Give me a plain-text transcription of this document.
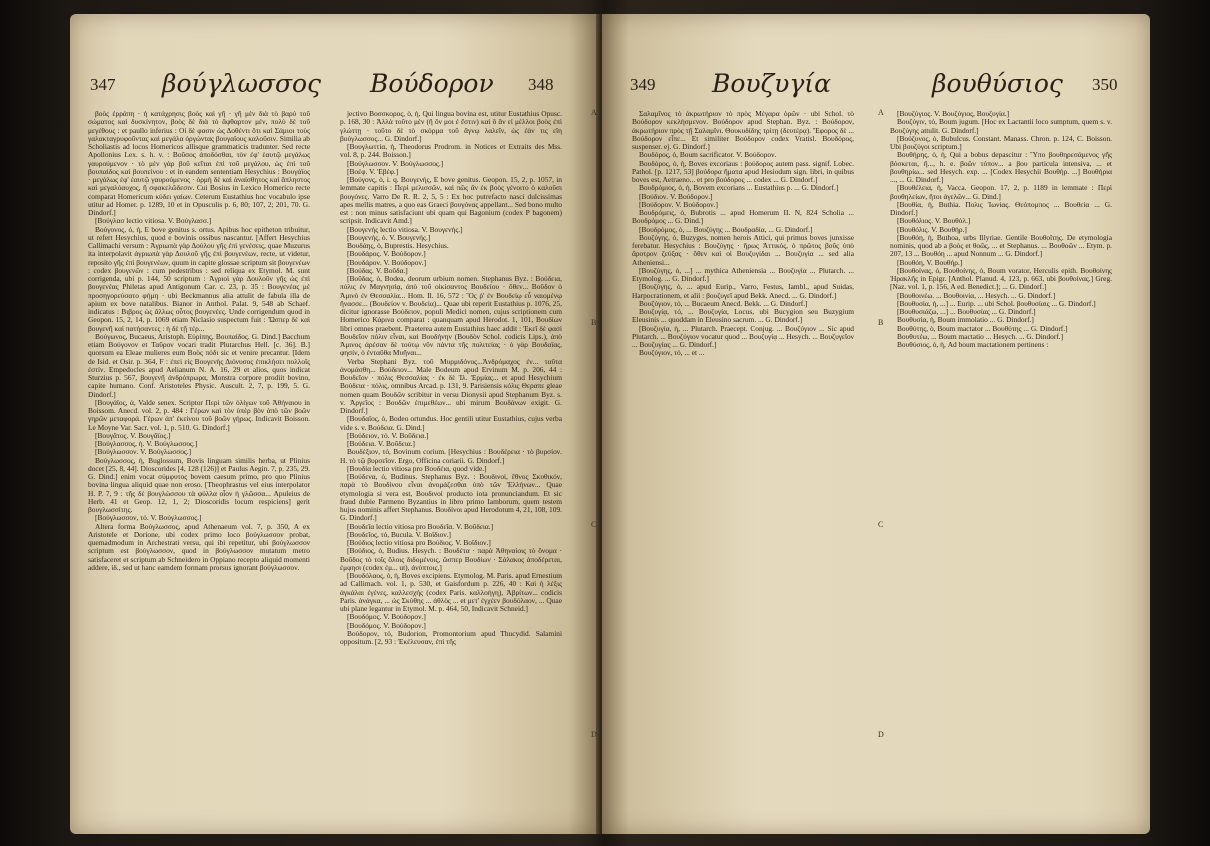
347 βούγλωσσος Βούδορον 348

βοὸς ἐρράπη · ἡ κατάχρησις βοὸς καὶ γῆ · γῆ μὲν διὰ τὸ βαρύ τοῦ σώματος καὶ δυσκίνητον, βοὸς δὲ διὰ τὸ ἄφθαρτον μέν, πολὺ δὲ τοῦ μεγέθους : et paullo inferius : Οἱ δὲ φασιν ὡς Δοθέντι ὅτι καὶ Σάμιοι τοὺς γαλακταγρυφοῦντας καὶ μεγάλα ὀργώντας βουγαΐους καλοῦσιν. Similia ab Scholiastis ad locos Homericos allisque grammaticis tradunter. Sed recte Apollonius Lex. s. h. v. : Βοῦσος ἀποδόσθαι, τὸν ἐφ' ἑαυτῷ μεγάλως γαυρούμενον · τὸ μὲν γὰρ βοῦ κεῖται ἐπὶ τοῦ μεγάλου, ὡς ἐπὶ τοῦ βουπαίδος καὶ βουπείνου : et in eandem sententiam Hesychius : Βουγάϊος · μεγάλως ἐφ' ἑαυτῷ γαυρούμενος · ὁρμὴ δὲ καὶ ἀναίσθητος καὶ ἄπληστος καὶ μεγαλόαυχος, ἢ σφακελῶδεσιν. Cui Bosius in Lexico Homerico recte comparat Homericum κύδει γαίων. Ceterum Eustathius hoc vocabulo ipse utitur ad Homer. p. 1289, 10 et in Opusculis p. 6, 80; 107, 2; 201, 70. G. Dindorf.]

[Βούγλασ lectio vitiosa. V. Βούγλασσ.]

Βούγονος, ὁ, ἡ, E bove genitus s. ortus. Apibus hoc epitheton tribuitur, ut refert Hesychius, quod e bovinis ossibus nascantur. [Affert Hesychius Callimachi versum : Ἀγριωπὰ γὰρ Δούλου γῆς ἐπὶ γενέσεις, quae Muzurus ita interpolavit ἀγριωπὰ γὰρ Δουλοῦ γῆς ἐπὶ βουγενέων, recte, ut videtur, reposito γῆς ἐπὶ βουγενέων, quum in capite glossae scriptum sit βουγενέων : codex βουγενῶν : cum pedestribus : sed reliqua ex Etymol. M. sunt corrigenda, ubi p. 144, 50 scriptum : Ἀγριοὶ γὰρ Δουλοῦν γῆς ὡς ἐπὶ βουγενέας Philetas apud Antigonum Car. c. 23, p. 35 : Βουγενέας μὲ προσηγορεύσατο φήμη · ubi Beckmannus alia attulit de fabula illa de apium ex bove natalibus. Bianor in Anthol. Palat. 9, 548 ab Schaef. indicatus : Βιβρος ὡς ἄλλως οὗτος βουγενέες. Unde corrigendum quod in Geopon. 15, 2, 14, p. 1069 etiam Niclasio suspectum fuit : Ὥσπερ δὲ καὶ βουγενῆ καὶ πατήσαντες : ἡ δὲ τῇ τέρ...

Βούγωνος, Bucaeus, Aristoph. Εὐρίπης, Βουπαίδος. G. Dind.] Bacchum etiam Βούγονον et Ταῦρον vocari tradit Plutarchus Hell. [c. 36]. B.] quorsum ea Eleae mulieres eum Βοὸς πόδι sic et venire precantur. [Idem de Isid. et Osir. p. 364, F : ἐπεὶ εἰς Βουγενὴς Διόνυσος ἐπικλήσει πολλοῖς ἐστίν. Empedocles apud Aelianum N. A. 16, 29 et alios, quos indicat Sturzius p. 567, βουγενῆ ἀνδρόπρωρα, Monstra corpore prodiit bovino, capite humano. Conf. Aristoteles Physic. Auscult. 2, 7, p. 199, 5. G. Dindorf.]

[Βουγάϊος, ἁ, Valde senex. Scriptor Περὶ τῶν ὀλίγων τοῦ Ἀθήναιου in Boissom. Anecd. vol. 2, p. 484 : Γέρων καὶ τὸν ὑπὲρ βὸν ἀπὸ τῶν βοῶν γηρῶν μεταφορά. Γέρων ἀπ' ἐκείνου τοῦ βοῶν γήρως. Indicavit Boisson. Le Moyne Var. Sacr. vol. 1, p. 510. G. Dindorf.]

[Βουγᾶτος. V. Βουγᾶϊος.]

[Βούγλασσος, ἡ. V. Βούγλωσσος.]

[Βούγλωσσον. V. Βούγλωσσος.]

Βούγλωσσος, ἡ, Buglossum, Bovis linguam similis herba, ut Plinius docet [25, 8, 44]. Dioscorides [4, 128 (126)] et Paulus Aegin. 7, p. 235, 29. G. Dind.] enim vocat σύμφυτος bovem caesum primo, pro quo Plinius bovina lingua aliquid quae non eroso. [Theophrastus vel eius interpolator H. P. 7, 9 : τῆς δὲ βουγλώσσου τὰ φύλλα οἷον ἡ γλῶσσα... Apuleius de Herb. 41 et Geop. 12, 1, 2; Dioscoridis locum respiciens] gerit βουγλωσσίτης.

[Βούγλωσσον, τό. V. Βούγλωσσος.]

Altera forma Βούγλωσσος, apud Athenaeum vol. 7, p. 350, A ex Aristotele et Dorione, ubi codex primo loco βούγλωσσον probat, quemadmodum in Archestrati versu, qui ibi repetitur, ubi βούγλωσσον scriptum est βούγλωσσον, quod in βούγλωσσον mutatum metro satisfaceret et scriptum ab Schneidero in Oppiano recepto aliquid momenti addere, ἰδ., sed ut hanc eamdem formam prorsus ignorant βούγλωσσον.

jectivo Βοσσκορος, ὁ, ἡ, Qui lingua bovina est, utitur Eustathius Opusc. p. 168, 30 : Ἀλλὰ τοῦτο μὲν (ἢ ὅν μοι ἐ ἔστιν) καὶ ὅ ἄν εἰ μέλλοι βοὸς ἐπὶ γλώττῃ · τοῦτο δὲ τὸ σκόρμα τοῦ ἄγνῳ λαλεῖν, ὡς ἐὰν τις εἴη βούγλωσσος... G. Dindorf.]

[Βουγλωττία, ἡ, Theodorus Prodrom. in Notices et Extraits des Mss. vol. 8, p. 244. Boisson.]

[Βούγλωσσον. V. Βούγλωσσος.]

[Βοέφ. V. Ἐβέφ.]

[Βούγονς, ὁ, i. q. Βουγενής, E bove genitus. Geopon. 15, 2, p. 1057, in lemmate capitis : Περὶ μελισσῶν, καὶ πῶς ἂν ἐκ βοὸς γένοιτο ὁ καλοῦσι βουγόνες. Varro De R. R. 2, 5, 5 : Ex hoc putrefacto nasci dulcissimas apes mellis matres, a quo eas Graeci βουγόνας appellant... Sed bono multo est : non minus satisfaciunt ubi quam qui Bagonium (codex Ρ bagonem) scripsit. Indicavit Amd.]

[Βουγενής lectio vitiosa. V. Βουγενής.]

[Βουγενής, ὁ. V. Βουγενής.]

Βουδάης, ὁ, Buprestis. Hesychius.

[Βουδάρος. V. Βούδορον.]

[Βουδάρον. V. Βούδορον.]

[Βούδας. V. Βοῦδα.]

[Βοῦδας, ὁ, Bodea, deorum urbium nomen. Stephanus Byz. : Βούδεια, πόλις ἐν Μαγνησίᾳ, ἀπὸ τοῦ οἰκίσαντος Βουδείου · ὅθεν... Βοῦδον ὁ Ἀμινὸ ἐν Θεσσαλία... Hom. Il. 16, 572 : Ὃς ῥ' ἐν Βουδείῳ εὖ ναιομένῳ ἤνασσε... (Βουδείον v. Βουδεία)... Quae ubi reperit Eustathius p. 1076, 25, dicitur ignorasse Βούδειον, populi Medici nomen, cujus scriptionem cum Homerico Κάρινα comparat : quanquam apud Herodot. 1, 101, Βουδίων libri omnes praebent. Praeterea autem Eustathius haec addit : Ἐκεῖ δὲ φασὶ Βουδεῖον πόλιν εἶναι, καὶ Βουδήνην (Βουδὸν Schol. codicis Lips.), ἀπὸ Ἀμινος ἀρέσαν δὲ τούτῳ νῦν πάντα τῆς πολιτείας · ὁ γὰρ Βουδαΐας, φησίν, ὁ ἐνταῦθα Μυῆναι...

Verba Stephani Byz. τοῦ Μυρμιδόνος...Ἀνδρόμαχος ἐν... ταῦτα ἀνομάσθη... Βούδειον... Male Bodeum apud Ervinum M. p. 206, 44 : Βουδεῖον · πόλις Θεσσαλίας · ἐκ δὲ Ἰλ. Ἐρμίας... et apud Hesychium Βούδεια · πόλις, omnibus Arcad. p. 131, 9. Parisiensis κόλις Θεραπε gleae nomen quam Βουδῶν scribitur in versu Dionysii apud Stephanum Byz. s. v. Ἀργεῖος : Βουδῶν ἐπιμεθέων... ubi mirum Βουδάνων exigit. G. Dindorf.]

[Βουδαΐος, ὁ, Bodeo ortundus. Hoc gentili utitur Eustathius, cujus verba vide s. v. Βούδεια. G. Dind.]

[Βούδειον, τό. V. Βοῦδεια.]

[Βούδεια. V. Βοῦδεια.]

Βουδέξιον, τό, Bovinum corium. [Hesychius : Βουδέρεια · τὸ βυρσίον. H. τὸ τῷ βυρσεῖον. Ergo, Officina coriarii. G. Dindorf.]

[Βουδία lectio vitiosa pro Βουδέια, quod vide.]

[Βούδενα, ὁ, Budinus. Stephanus Byz. : Βουδινοί, ἔθνος Σκυθικόν, παρὰ τὸ Βουδίνου εἶναι ἀνομάζεσθαι ὑπὸ τῶν Ἑλλήνων... Quae etymologia si vera est, Βουδινοί producto iota pronunciandum. Et sic fraud dubie Parmeno Byzantius in libro primo Iamborum, quem testem hujus nominis affert Stephanus. Βουδίνοι apud Herodotum 4, 21, 108, 109. G. Dindorf.]

[Βουδεῖα lectio vitiosa pro Βουδεῖα. V. Βοῦδεια.]

[Βουδεῖος, τό, Bucula. V. Βοΐδιον.]

[Βούδιος lectio vitiosa pro Βούδιος. V. Βοΐδιον.]

[Βούδιος, ὁ, Budius. Hesych. : Βουδέτα · παρὰ Ἀθηναίοις τὸ ὄνομα · Βοῦδος τὸ τοῖς ὄλοις διδομένοις, ὥσπερ Βουδίων · Σάλακος ἀποδέρεται, ἐμφησι (codex ἐμ... ut), ἀνύπτοις.]

[Βουδόλαος, ὁ, ἡ, Boves excipiens. Etymolog. M. Paris. apud Ernestium ad Callimach. vol. 1, p. 530, et Gaisfordum p. 226, 40 : Καὶ ἡ λέξις ἀγκάλαι ἐγένες, καλλεσχής (codex Paris. καλλοήγη), Ἀβρίτων... codicis Paris. ἀνάγκα, ... ὡς Σκύθης ... ἀθλὸς ... et μετ' ἐγχέεν βουδόλαον, ... Quae ubi plane legantur in Etymol. M. p. 464, 50, Indicavit Schneid.]

[Βουδόμος. V. Βούδορον.]

[Βουδόμος. V. Βούδορον.]

Βούδορον, τό, Budorion, Promontorium apud Thucydid. Salamini oppositum. [2, 93 : Ἐκέλευσαν, ἐπὶ τῆς

349 Βουζυγία	βουθύσιος 350

Σαλαμῖνος τὸ ἀκρωτήριον τὸ πρὸς Μέγαρα ὁρῶν · ubi Schol. τὸ Βούδορον κεκλήσμενον. Βούδορον apud Stephan. Byz. : Βούδορον, ἀκρωτήριον πρὸς τῇ Σαλαμῖνι. Θουκυδίδης τρίτῃ (δευτέρᾳ). Ἔφορος δὲ ... Βούδορον εἶπε... Et similiter Βούδορον codex Vratisl. Βουδόρος, suspenser. ej. G. Dindorf.]

Βουδόρος, ὁ, Boum sacrificator. V. Βούδορον.

Βουδόρος, ὁ, ἡ, Boves excoriaus : βούδορος autem pass. signif. Lobec. Pathol. [p. 1217, 53] βούδορα ἤματα apud Hesiodum sign. libri, in quibus boves est, Aetraeno... et pro βούδορος ... codex ... G. Dindorf.]

Βουδρόμιος, ὁ, ἡ, Bovem excorians ... Eustathius p. ... G. Dindorf.]

[Βούδιον. V. Βούδορον.]

[Βούδορον. V. Βούδορον.]

Βουδρόμεις, ὁ, Bubrotis ... apud Homerum II. N, 824 Scholia ... Βουδρόμος ... G. Dind.]

[Βουδρόμος, ὁ, ... Βουζύγης ... Βουδραδία, ... G. Dindorf.]

Βουζύγης, ὁ, Buzyges, nomen herois Attici, qui primus boves junxisse ferebatur. Hesychius : Βουζύγης · ἥρως Ἀττικός, ὁ πρῶτος βοῦς ὑπὸ ἄροτρον ζεύξας · ὅθεν καὶ οἱ Βουζυγίδαι ... Βουζυγία ... sed alia Atheniensi...

[Βουζύγης, ὁ, ...] ... mythica Atheniensia ... Βουζυγία ... Plutarch. ... Etymolog. ... G. Dindorf.]

[Βουζύγης, ὁ, ... apud Eurip., Varro, Festus, Iambl., apud Suidas, Harpocrationem, et alii : βουζυγεῖ apud Bekk. Anecd. ... G. Dindorf.]

Βουζύγιον, τό, ... Bucaeum Anecd. Bekk. ... G. Dindorf.]

Βουζυγίᾳ, τό, ... Βουζυγία, Locus, ubi Bucygion seu Buzygium Eleusinis ... quoddam in Eleusino sacrum. ... G. Dindorf.]

[Βουζυγία, ἡ, ... Plutarch. Praecept. Conjug. ... Βουζύγιον ... Sic apud Plutarch. ... Βουζύγιον vocatur quod ... Βουζυγίᾳ ... Hesych. ... Βουζυγεῖον ... Βουζυγίας ... G. Dindorf.]

Βουζύγιον, τό, ... et ...

[Βουζύγιος. V. Βουζύγιος, Βουζυγία.]

Βουζύγιν, τό, Boum jugum. [Hoc ex Lactantii loco sumptum, quem s. v. Βουζύγης attulit. G. Dindorf.]

[Βούζυνος, ὁ, Bubulcus. Constant. Manass. Chron. p. 124, C. Boisson. Ubi βουζύγοι scriptum.]

Βουθήρης, ὁ, ἡ, Qui a bobus depascitur : Ὕπο βουθηρεσάμενος γῆς βόσκεται, ἢ..., h. e. βοῶν τόπον... a βου particula intensiva, ... et βουθηρίω... sed Hesych. exp. ... [Codex Hesychii Βουθήρ. ...] Βουθήρια ..., ... G. Dindorf.]

[Βουθέλεια, ἡ, Vacca. Geopon. 17, 2, p. 1189 in lemmate : Περὶ βουθηλείων, ἤτοι ἀγελῶν... G. Dind.]

[Βουθία, ἡ, Buthia. Πολις Ἰωνίας. Θεόπομπος ... Βουθεία ... G. Dindorf.]

[Βουθόλιος. V. Βουθόλ.]

[Βουθόλις. V. Βουθήρ.]

[Βουθόη, ἡ, Buthoa, urbs Illyriae. Gentile Βουθοΐτης. De etymologia nominis, quod ab a βοὸς et θοῶς, ... et Stephanus. ... Βουθοῶν ... Etym. p. 207, 13 ... Βουθόη ... apud Nonnum ... G. Dindorf.]

[Βουθόη, V. Βουθήρ.]

[Βουθοίνας, ὁ, Βουθοίνης, ὁ, Boum vorator, Herculis epith. Βουθοίνης Ἡρακλῆς in Epigr. [Anthol. Planud. 4, 123, p. 663, ubi βουθοίνας.] Greg. [Naz. vol. 1, p. 156, A ed. Benedict.]; ... G. Dindorf.]

[Βουθοινέω. ... Βουθοινία, ... Hesych. ... G. Dindorf.]

[Βουθυσία, ἡ, ...] ... Eurip. ... ubi Schol. βουθυσίαις ... G. Dindorf.]

[Βουθυσιάζω, ...] ... Βουθυσίας ... G. Dindorf.]

Βουθυσία, ἡ, Boum immolatio ... G. Dindorf.]

Βουθύτης, ὁ, Boum mactator ... Βουθύτης ... G. Dindorf.]

Βουθυτέω, ... Boum mactatio ... Hesych. ... G. Dindorf.]

Βουθύσιος, ὁ, ἡ, Ad boum mactationem pertinens :

A
B
C
D
A
B
C
D
